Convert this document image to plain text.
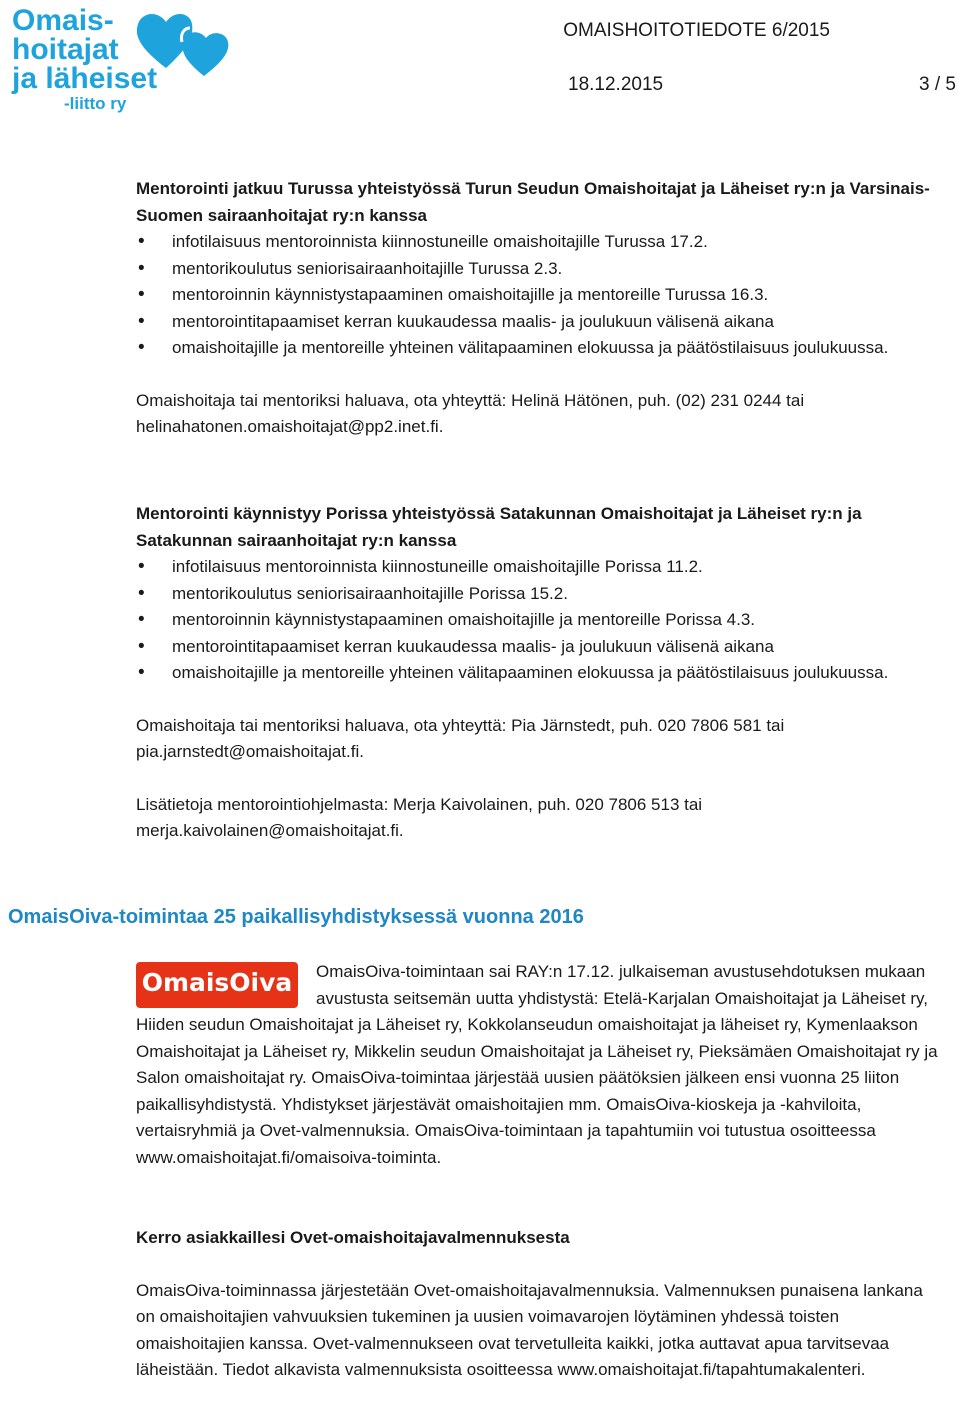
Omais-
hoitajat
ja läheiset
-liitto ry
OMAISHOITOTIEDOTE 6/2015
18.12.2015	3 / 5

Mentorointi jatkuu Turussa yhteistyössä Turun Seudun Omaishoitajat ja Läheiset ry:n ja Varsinais-Suomen sairaanhoitajat ry:n kanssa

• infotilaisuus mentoroinnista kiinnostuneille omaishoitajille Turussa 17.2.
• mentorikoulutus seniorisairaanhoitajille Turussa 2.3.
• mentoroinnin käynnistystapaaminen omaishoitajille ja mentoreille Turussa 16.3.
• mentorointitapaamiset kerran kuukaudessa maalis- ja joulukuun välisenä aikana
• omaishoitajille ja mentoreille yhteinen välitapaaminen elokuussa ja päätöstilaisuus joulukuussa.

Omaishoitaja tai mentoriksi haluava, ota yhteyttä: Helinä Hätönen, puh. (02) 231 0244 tai helinahatonen.omaishoitajat@pp2.inet.fi.

Mentorointi käynnistyy Porissa yhteistyössä Satakunnan Omaishoitajat ja Läheiset ry:n ja Satakunnan sairaanhoitajat ry:n kanssa

• infotilaisuus mentoroinnista kiinnostuneille omaishoitajille Porissa 11.2.
• mentorikoulutus seniorisairaanhoitajille Porissa 15.2.
• mentoroinnin käynnistystapaaminen omaishoitajille ja mentoreille Porissa 4.3.
• mentorointitapaamiset kerran kuukaudessa maalis- ja joulukuun välisenä aikana
• omaishoitajille ja mentoreille yhteinen välitapaaminen elokuussa ja päätöstilaisuus joulukuussa.

Omaishoitaja tai mentoriksi haluava, ota yhteyttä: Pia Järnstedt, puh. 020 7806 581 tai pia.jarnstedt@omaishoitajat.fi.

Lisätietoja mentorointiohjelmasta: Merja Kaivolainen, puh. 020 7806 513 tai merja.kaivolainen@omaishoitajat.fi.

OmaisOiva-toimintaa 25 paikallisyhdistyksessä vuonna 2016
OmaisOiva	OmaisOiva-toimintaan sai RAY:n 17.12. julkaiseman avustusehdotuksen mukaan avustusta seitsemän uutta yhdistystä: Etelä-Karjalan Omaishoitajat ja Läheiset ry, Hiiden seudun Omaishoitajat ja Läheiset ry, Kokkolanseudun omaishoitajat ja läheiset ry, Kymenlaakson Omaishoitajat ja Läheiset ry, Mikkelin seudun Omaishoitajat ja Läheiset ry, Pieksämäen Omaishoitajat ry ja Salon omaishoitajat ry. OmaisOiva-toimintaa järjestää uusien päätöksien jälkeen ensi vuonna 25 liiton paikallisyhdistystä. Yhdistykset järjestävät omaishoitajien mm. OmaisOiva-kioskeja ja -kahviloita, vertaisryhmiä ja Ovet-valmennuksia. OmaisOiva-toimintaan ja tapahtumiin voi tutustua osoitteessa www.omaishoitajat.fi/omaisoiva-toiminta.

Kerro asiakkaillesi Ovet-omaishoitajavalmennuksesta

OmaisOiva-toiminnassa järjestetään Ovet-omaishoitajavalmennuksia. Valmennuksen punaisena lankana on omaishoitajien vahvuuksien tukeminen ja uusien voimavarojen löytäminen yhdessä toisten omaishoitajien kanssa. Ovet-valmennukseen ovat tervetulleita kaikki, jotka auttavat apua tarvitsevaa läheistään. Tiedot alkavista valmennuksista osoitteessa www.omaishoitajat.fi/tapahtumakalenteri.
